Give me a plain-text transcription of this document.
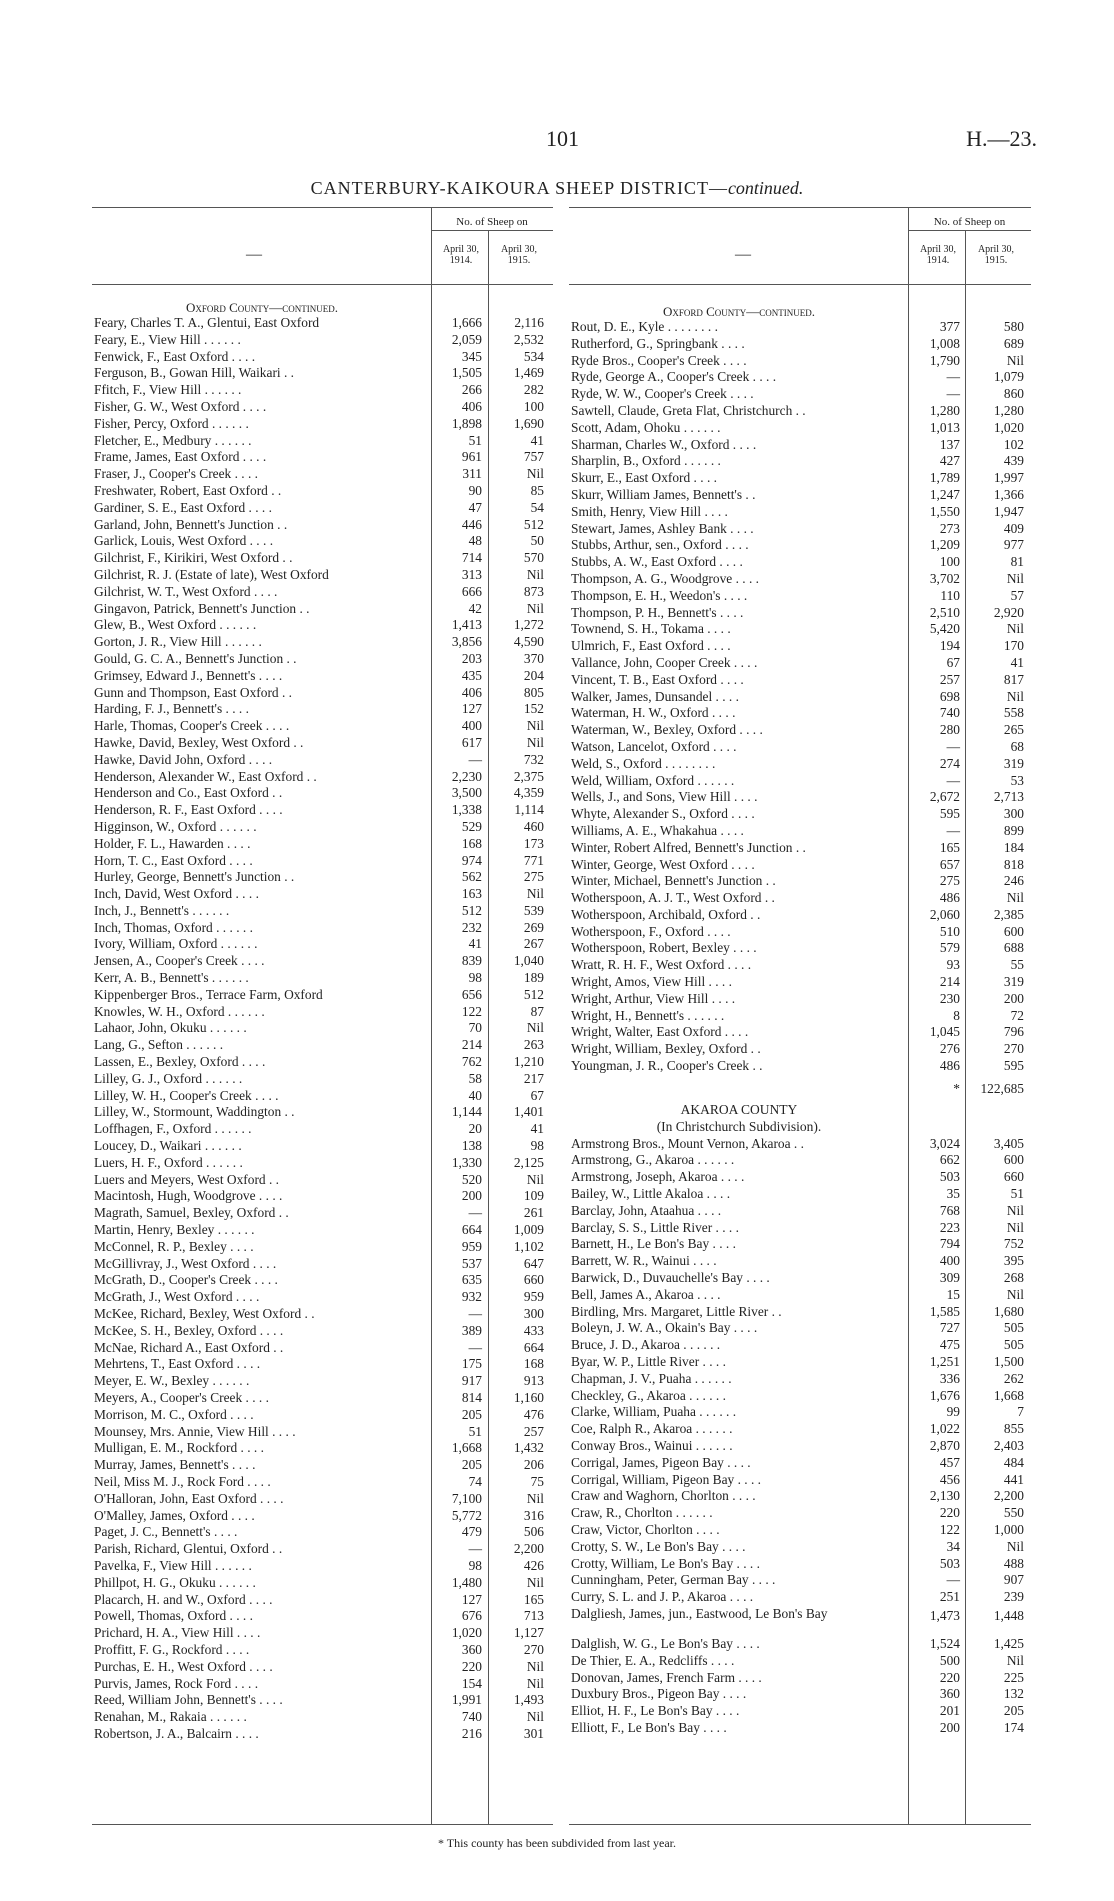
101	H.—23.
CANTERBURY-KAIKOURA SHEEP DISTRICT—continued.
—
No. of Sheep on
April 30, 1914.
April 30, 1915.
Oxford County—continued.
Feary, Charles T. A., Glentui, East Oxford	1,666	2,116
Feary, E., View Hill . . . . . .	2,059	2,532
Fenwick, F., East Oxford . . . .	345	534
Ferguson, B., Gowan Hill, Waikari . .	1,505	1,469
Ffitch, F., View Hill . . . . . .	266	282
Fisher, G. W., West Oxford . . . .	406	100
Fisher, Percy, Oxford . . . . . .	1,898	1,690
Fletcher, E., Medbury . . . . . .	51	41
Frame, James, East Oxford . . . .	961	757
Fraser, J., Cooper's Creek . . . .	311	Nil
Freshwater, Robert, East Oxford . .	90	85
Gardiner, S. E., East Oxford . . . .	47	54
Garland, John, Bennett's Junction . .	446	512
Garlick, Louis, West Oxford . . . .	48	50
Gilchrist, F., Kirikiri, West Oxford . .	714	570
Gilchrist, R. J. (Estate of late), West Oxford	313	Nil
Gilchrist, W. T., West Oxford . . . .	666	873
Gingavon, Patrick, Bennett's Junction . .	42	Nil
Glew, B., West Oxford . . . . . .	1,413	1,272
Gorton, J. R., View Hill . . . . . .	3,856	4,590
Gould, G. C. A., Bennett's Junction . .	203	370
Grimsey, Edward J., Bennett's . . . .	435	204
Gunn and Thompson, East Oxford . .	406	805
Harding, F. J., Bennett's . . . .	127	152
Harle, Thomas, Cooper's Creek . . . .	400	Nil
Hawke, David, Bexley, West Oxford . .	617	Nil
Hawke, David John, Oxford . . . .	—	732
Henderson, Alexander W., East Oxford . .	2,230	2,375
Henderson and Co., East Oxford . .	3,500	4,359
Henderson, R. F., East Oxford . . . .	1,338	1,114
Higginson, W., Oxford . . . . . .	529	460
Holder, F. L., Hawarden . . . .	168	173
Horn, T. C., East Oxford . . . .	974	771
Hurley, George, Bennett's Junction . .	562	275
Inch, David, West Oxford . . . .	163	Nil
Inch, J., Bennett's . . . . . .	512	539
Inch, Thomas, Oxford . . . . . .	232	269
Ivory, William, Oxford . . . . . .	41	267
Jensen, A., Cooper's Creek . . . .	839	1,040
Kerr, A. B., Bennett's . . . . . .	98	189
Kippenberger Bros., Terrace Farm, Oxford	656	512
Knowles, W. H., Oxford . . . . . .	122	87
Lahaor, John, Okuku . . . . . .	70	Nil
Lang, G., Sefton . . . . . .	214	263
Lassen, E., Bexley, Oxford . . . .	762	1,210
Lilley, G. J., Oxford . . . . . .	58	217
Lilley, W. H., Cooper's Creek . . . .	40	67
Lilley, W., Stormount, Waddington . .	1,144	1,401
Loffhagen, F., Oxford . . . . . .	20	41
Loucey, D., Waikari . . . . . .	138	98
Luers, H. F., Oxford . . . . . .	1,330	2,125
Luers and Meyers, West Oxford . .	520	Nil
Macintosh, Hugh, Woodgrove . . . .	200	109
Magrath, Samuel, Bexley, Oxford . .	—	261
Martin, Henry, Bexley . . . . . .	664	1,009
McConnel, R. P., Bexley . . . .	959	1,102
McGillivray, J., West Oxford . . . .	537	647
McGrath, D., Cooper's Creek . . . .	635	660
McGrath, J., West Oxford . . . .	932	959
McKee, Richard, Bexley, West Oxford . .	—	300
McKee, S. H., Bexley, Oxford . . . .	389	433
McNae, Richard A., East Oxford . .	—	664
Mehrtens, T., East Oxford . . . .	175	168
Meyer, E. W., Bexley . . . . . .	917	913
Meyers, A., Cooper's Creek . . . .	814	1,160
Morrison, M. C., Oxford . . . .	205	476
Mounsey, Mrs. Annie, View Hill . . . .	51	257
Mulligan, E. M., Rockford . . . .	1,668	1,432
Murray, James, Bennett's . . . .	205	206
Neil, Miss M. J., Rock Ford . . . .	74	75
O'Halloran, John, East Oxford . . . .	7,100	Nil
O'Malley, James, Oxford . . . .	5,772	316
Paget, J. C., Bennett's . . . .	479	506
Parish, Richard, Glentui, Oxford . .	—	2,200
Pavelka, F., View Hill . . . . . .	98	426
Phillpot, H. G., Okuku . . . . . .	1,480	Nil
Placarch, H. and W., Oxford . . . .	127	165
Powell, Thomas, Oxford . . . .	676	713
Prichard, H. A., View Hill . . . .	1,020	1,127
Proffitt, F. G., Rockford . . . .	360	270
Purchas, E. H., West Oxford . . . .	220	Nil
Purvis, James, Rock Ford . . . .	154	Nil
Reed, William John, Bennett's . . . .	1,991	1,493
Renahan, M., Rakaia . . . . . .	740	Nil
Robertson, J. A., Balcairn . . . .	216	301
—
No. of Sheep on
April 30, 1914.
April 30, 1915.
Oxford County—continued.
Rout, D. E., Kyle . . . . . . . .	377	580
Rutherford, G., Springbank . . . .	1,008	689
Ryde Bros., Cooper's Creek . . . .	1,790	Nil
Ryde, George A., Cooper's Creek . . . .	—	1,079
Ryde, W. W., Cooper's Creek . . . .	—	860
Sawtell, Claude, Greta Flat, Christchurch . .	1,280	1,280
Scott, Adam, Ohoku . . . . . .	1,013	1,020
Sharman, Charles W., Oxford . . . .	137	102
Sharplin, B., Oxford . . . . . .	427	439
Skurr, E., East Oxford . . . .	1,789	1,997
Skurr, William James, Bennett's . .	1,247	1,366
Smith, Henry, View Hill . . . .	1,550	1,947
Stewart, James, Ashley Bank . . . .	273	409
Stubbs, Arthur, sen., Oxford . . . .	1,209	977
Stubbs, A. W., East Oxford . . . .	100	81
Thompson, A. G., Woodgrove . . . .	3,702	Nil
Thompson, E. H., Weedon's . . . .	110	57
Thompson, P. H., Bennett's . . . .	2,510	2,920
Townend, S. H., Tokama . . . .	5,420	Nil
Ulmrich, F., East Oxford . . . .	194	170
Vallance, John, Cooper Creek . . . .	67	41
Vincent, T. B., East Oxford . . . .	257	817
Walker, James, Dunsandel . . . .	698	Nil
Waterman, H. W., Oxford . . . .	740	558
Waterman, W., Bexley, Oxford . . . .	280	265
Watson, Lancelot, Oxford . . . .	—	68
Weld, S., Oxford . . . . . . . .	274	319
Weld, William, Oxford . . . . . .	—	53
Wells, J., and Sons, View Hill . . . .	2,672	2,713
Whyte, Alexander S., Oxford . . . .	595	300
Williams, A. E., Whakahua . . . .	—	899
Winter, Robert Alfred, Bennett's Junction . .	165	184
Winter, George, West Oxford . . . .	657	818
Winter, Michael, Bennett's Junction . .	275	246
Wotherspoon, A. J. T., West Oxford . .	486	Nil
Wotherspoon, Archibald, Oxford . .	2,060	2,385
Wotherspoon, F., Oxford . . . .	510	600
Wotherspoon, Robert, Bexley . . . .	579	688
Wratt, R. H. F., West Oxford . . . .	93	55
Wright, Amos, View Hill . . . .	214	319
Wright, Arthur, View Hill . . . .	230	200
Wright, H., Bennett's . . . . . .	8	72
Wright, Walter, East Oxford . . . .	1,045	796
Wright, William, Bexley, Oxford . .	276	270
Youngman, J. R., Cooper's Creek . .	486	595
*	122,685
AKAROA COUNTY
(In Christchurch Subdivision).
Armstrong Bros., Mount Vernon, Akaroa . .	3,024	3,405
Armstrong, G., Akaroa . . . . . .	662	600
Armstrong, Joseph, Akaroa . . . .	503	660
Bailey, W., Little Akaloa . . . .	35	51
Barclay, John, Ataahua . . . .	768	Nil
Barclay, S. S., Little River . . . .	223	Nil
Barnett, H., Le Bon's Bay . . . .	794	752
Barrett, W. R., Wainui . . . .	400	395
Barwick, D., Duvauchelle's Bay . . . .	309	268
Bell, James A., Akaroa . . . .	15	Nil
Birdling, Mrs. Margaret, Little River . .	1,585	1,680
Boleyn, J. W. A., Okain's Bay . . . .	727	505
Bruce, J. D., Akaroa . . . . . .	475	505
Byar, W. P., Little River . . . .	1,251	1,500
Chapman, J. V., Puaha . . . . . .	336	262
Checkley, G., Akaroa . . . . . .	1,676	1,668
Clarke, William, Puaha . . . . . .	99	7
Coe, Ralph R., Akaroa . . . . . .	1,022	855
Conway Bros., Wainui . . . . . .	2,870	2,403
Corrigal, James, Pigeon Bay . . . .	457	484
Corrigal, William, Pigeon Bay . . . .	456	441
Craw and Waghorn, Chorlton . . . .	2,130	2,200
Craw, R., Chorlton . . . . . .	220	550
Craw, Victor, Chorlton . . . .	122	1,000
Crotty, S. W., Le Bon's Bay . . . .	34	Nil
Crotty, William, Le Bon's Bay . . . .	503	488
Cunningham, Peter, German Bay . . . .	—	907
Curry, S. L. and J. P., Akaroa . . . .	251	239
Dalgliesh, James, jun., Eastwood, Le Bon's Bay	1,473	1,448
Dalglish, W. G., Le Bon's Bay . . . .	1,524	1,425
De Thier, E. A., Redcliffs . . . .	500	Nil
Donovan, James, French Farm . . . .	220	225
Duxbury Bros., Pigeon Bay . . . .	360	132
Elliot, H. F., Le Bon's Bay . . . .	201	205
Elliott, F., Le Bon's Bay . . . .	200	174
* This county has been subdivided from last year.
